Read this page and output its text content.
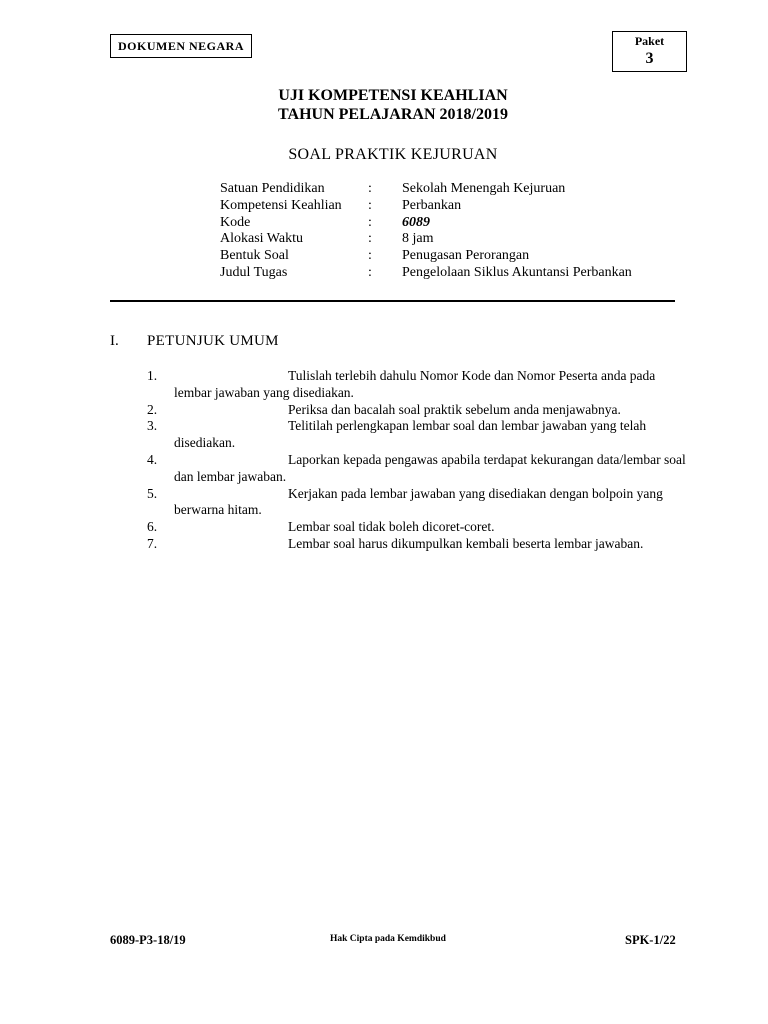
DOKUMEN NEGARA	Paket
3
UJI KOMPETENSI KEAHLIAN
TAHUN PELAJARAN 2018/2019
SOAL PRAKTIK KEJURUAN
Satuan Pendidikan	:	Sekolah Menengah Kejuruan
Kompetensi Keahlian	:	Perbankan
Kode	:	6089
Alokasi Waktu	:	8 jam
Bentuk Soal	:	Penugasan Perorangan
Judul Tugas	:	Pengelolaan Siklus Akuntansi Perbankan
I. PETUNJUK UMUM
1.	Tulislah terlebih dahulu Nomor Kode dan Nomor Peserta anda pada lembar jawaban yang disediakan.
2.	Periksa dan bacalah soal praktik sebelum anda menjawabnya.
3.	Telitilah perlengkapan lembar soal dan lembar jawaban yang telah disediakan.
4.	Laporkan kepada pengawas apabila terdapat kekurangan data/lembar soal dan lembar jawaban.
5.	Kerjakan pada lembar jawaban yang disediakan dengan bolpoin yang berwarna hitam.
6.	Lembar soal tidak boleh dicoret-coret.
7.	Lembar soal harus dikumpulkan kembali beserta lembar jawaban.
6089-P3-18/19	Hak Cipta pada Kemdikbud	SPK-1/22
